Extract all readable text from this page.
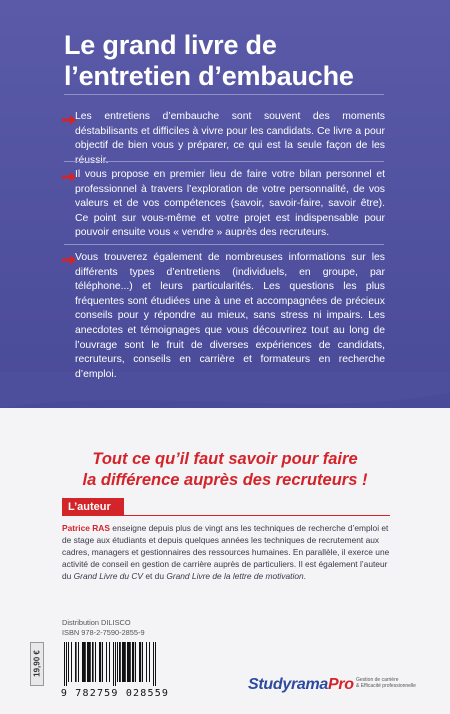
Le grand livre de
l’entretien d’embauche
Les entretiens d’embauche sont souvent des moments déstabilisants et difficiles à vivre pour les candidats. Ce livre a pour objectif de bien vous y préparer, ce qui est la seule façon de les
Il vous propose en premier lieu de faire votre bilan personnel et professionnel à travers l’exploration de votre personnalité, de vos valeurs et de vos compétences (savoir, savoir-faire, savoir être). Ce point sur vous-même et votre projet est indispensable pour pouvoir ensuite vous « vendre » auprès des recruteurs.
Vous trouverez également de nombreuses informations sur les différents types d’entretiens (individuels, en groupe, par téléphone...) et leurs particularités. Les questions les plus fréquentes sont étudiées une à une et accompagnées de précieux conseils pour y répondre au mieux, sans stress ni impairs. Les anecdotes et témoignages que vous découvrirez tout au long de l’ouvrage sont le fruit de diverses expériences de candidats, recruteurs, conseils en carrière et formateurs en recherche d’emploi.
Tout ce qu’il faut savoir pour faire
la différence auprès des recruteurs !
L’auteur
Patrice RAS enseigne depuis plus de vingt ans les techniques de recherche d’emploi et de stage aux étudiants et depuis quelques années les techniques de recrutement aux cadres, managers et gestionnaires des ressources humaines. En parallèle, il exerce une activité de conseil en gestion de carrière auprès de particuliers. Il est également l’auteur du Grand Livre du CV et du Grand Livre de la lettre de motivation.
Distribution DILISCO
ISBN 978-2-7590-2855-9
19,90 €
9 782759 028559
StudyramaPro Gestion de carrière
& Efficacité professionnelle
